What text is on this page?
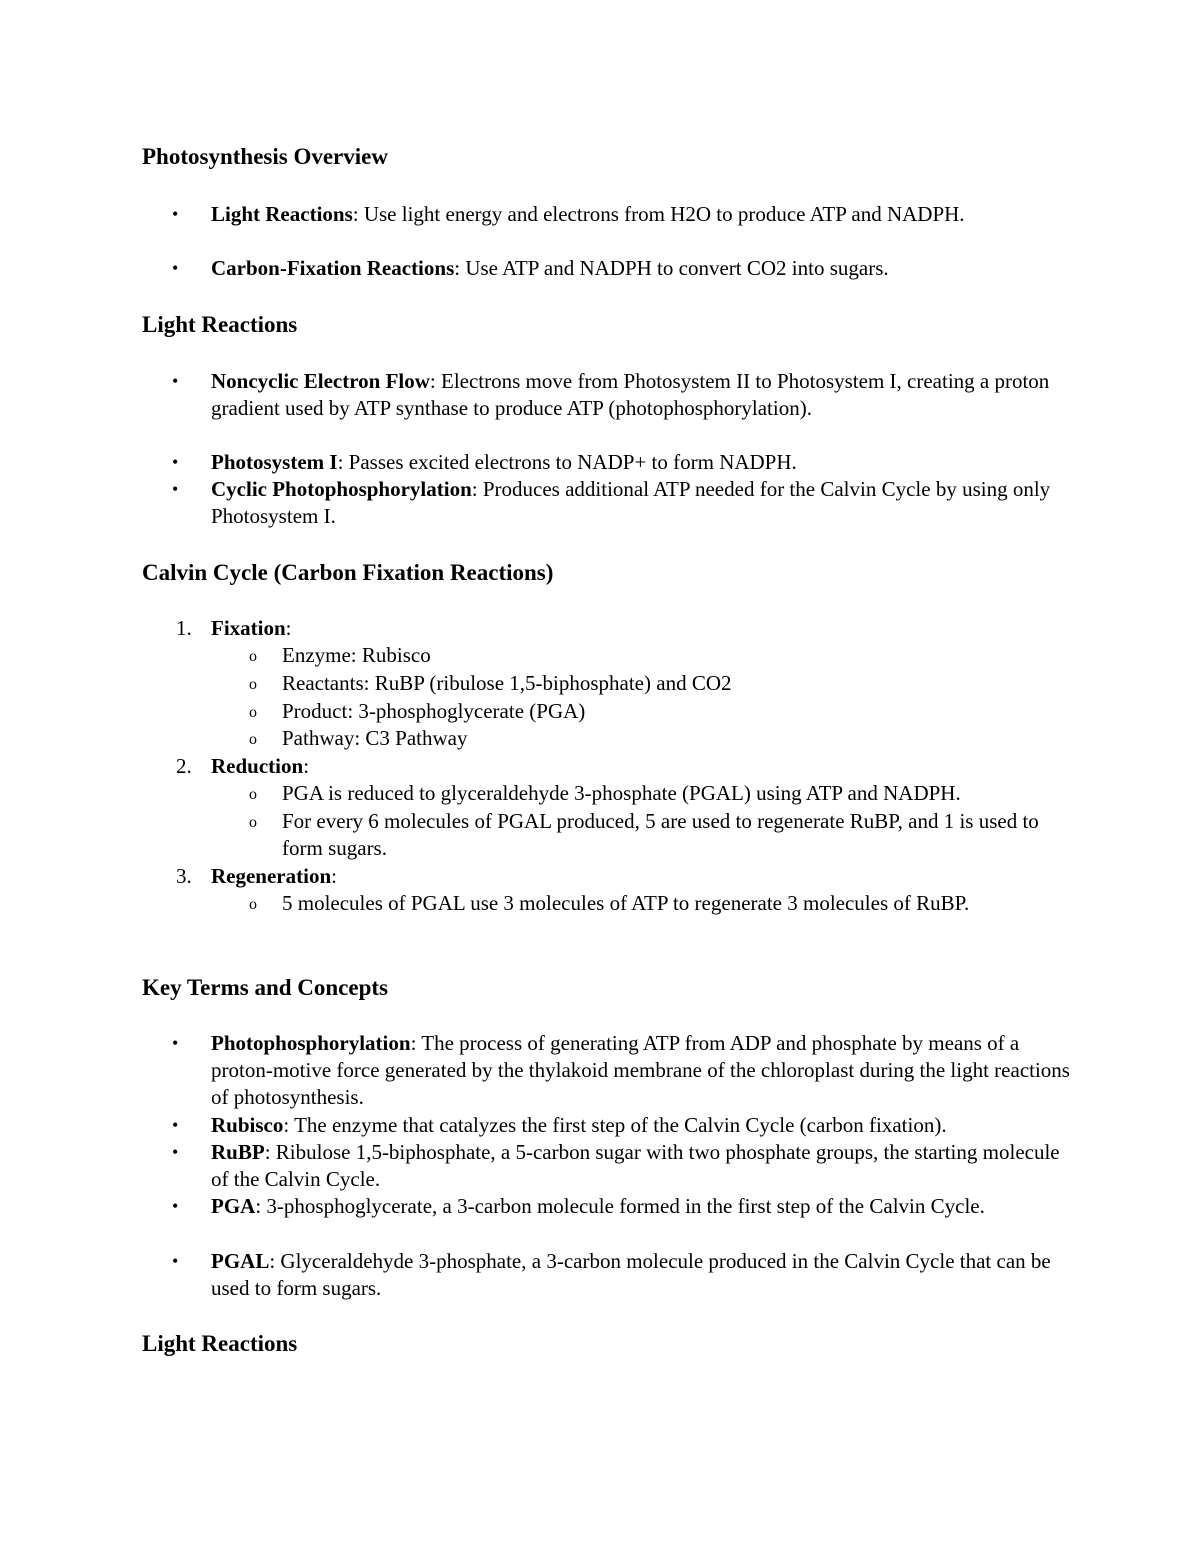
Photosynthesis Overview
• Light Reactions: Use light energy and electrons from H2O to produce ATP and NADPH.

• Carbon-Fixation Reactions: Use ATP and NADPH to convert CO2 into sugars.

Light Reactions
• Noncyclic Electron Flow: Electrons move from Photosystem II to Photosystem I, creating a proton gradient used by ATP synthase to produce ATP (photophosphorylation).

• Photosystem I: Passes excited electrons to NADP+ to form NADPH.

• Cyclic Photophosphorylation: Produces additional ATP needed for the Calvin Cycle by using only Photosystem I.

Calvin Cycle (Carbon Fixation Reactions)
1. Fixation:

o Enzyme: Rubisco

o Reactants: RuBP (ribulose 1,5-biphosphate) and CO2

o Product: 3-phosphoglycerate (PGA)

o Pathway: C3 Pathway

2. Reduction:

o PGA is reduced to glyceraldehyde 3-phosphate (PGAL) using ATP and NADPH.

o For every 6 molecules of PGAL produced, 5 are used to regenerate RuBP, and 1 is used to form sugars.

3. Regeneration:

o 5 molecules of PGAL use 3 molecules of ATP to regenerate 3 molecules of RuBP.

Key Terms and Concepts
• Photophosphorylation: The process of generating ATP from ADP and phosphate by means of a proton-motive force generated by the thylakoid membrane of the chloroplast during the light reactions of photosynthesis.

• Rubisco: The enzyme that catalyzes the first step of the Calvin Cycle (carbon fixation).

• RuBP: Ribulose 1,5-biphosphate, a 5-carbon sugar with two phosphate groups, the starting molecule of the Calvin Cycle.

• PGA: 3-phosphoglycerate, a 3-carbon molecule formed in the first step of the Calvin Cycle.

• PGAL: Glyceraldehyde 3-phosphate, a 3-carbon molecule produced in the Calvin Cycle that can be used to form sugars.

Light Reactions
